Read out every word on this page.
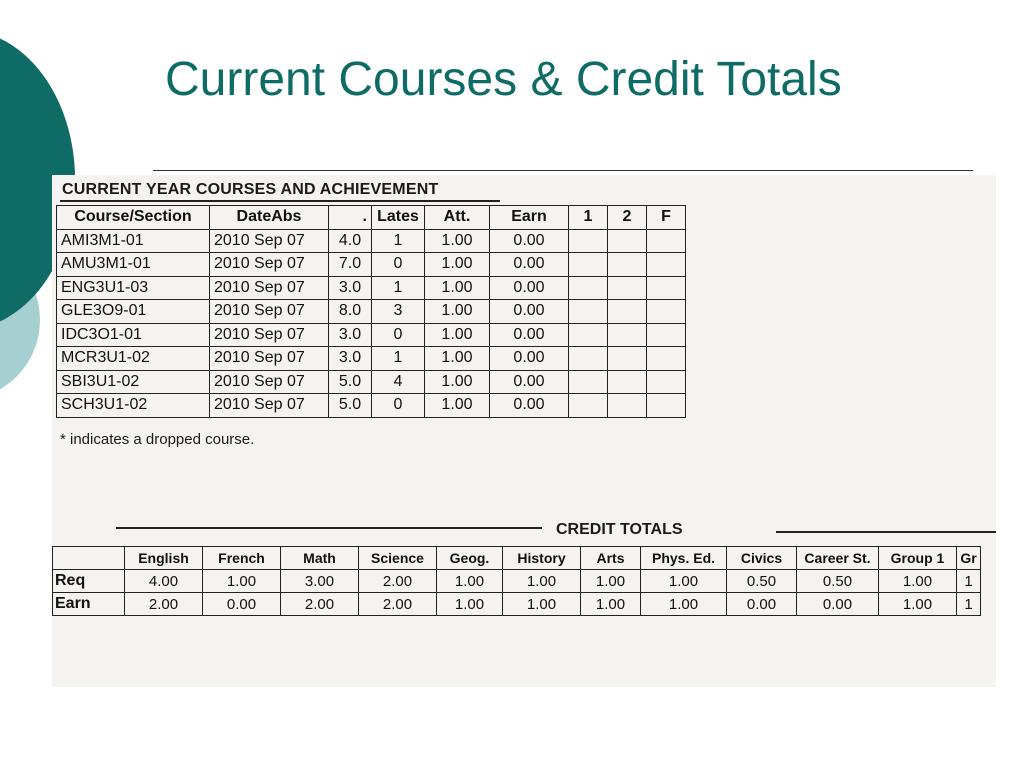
Current Courses & Credit Totals
CURRENT YEAR COURSES AND ACHIEVEMENT
Course/Section	DateAbs	.	Lates	Att.	Earn	1	2	F
AMI3M1-01	2010 Sep 07	4.0	1	1.00	0.00			
AMU3M1-01	2010 Sep 07	7.0	0	1.00	0.00			
ENG3U1-03	2010 Sep 07	3.0	1	1.00	0.00			
GLE3O9-01	2010 Sep 07	8.0	3	1.00	0.00			
IDC3O1-01	2010 Sep 07	3.0	0	1.00	0.00			
MCR3U1-02	2010 Sep 07	3.0	1	1.00	0.00			
SBI3U1-02	2010 Sep 07	5.0	4	1.00	0.00			
SCH3U1-02	2010 Sep 07	5.0	0	1.00	0.00			
* indicates a dropped course.
CREDIT TOTALS
	English	French	Math	Science	Geog.	History	Arts	Phys. Ed.	Civics	Career St.	Group 1	Gr
Req	4.00	1.00	3.00	2.00	1.00	1.00	1.00	1.00	0.50	0.50	1.00	1
Earn	2.00	0.00	2.00	2.00	1.00	1.00	1.00	1.00	0.00	0.00	1.00	1
